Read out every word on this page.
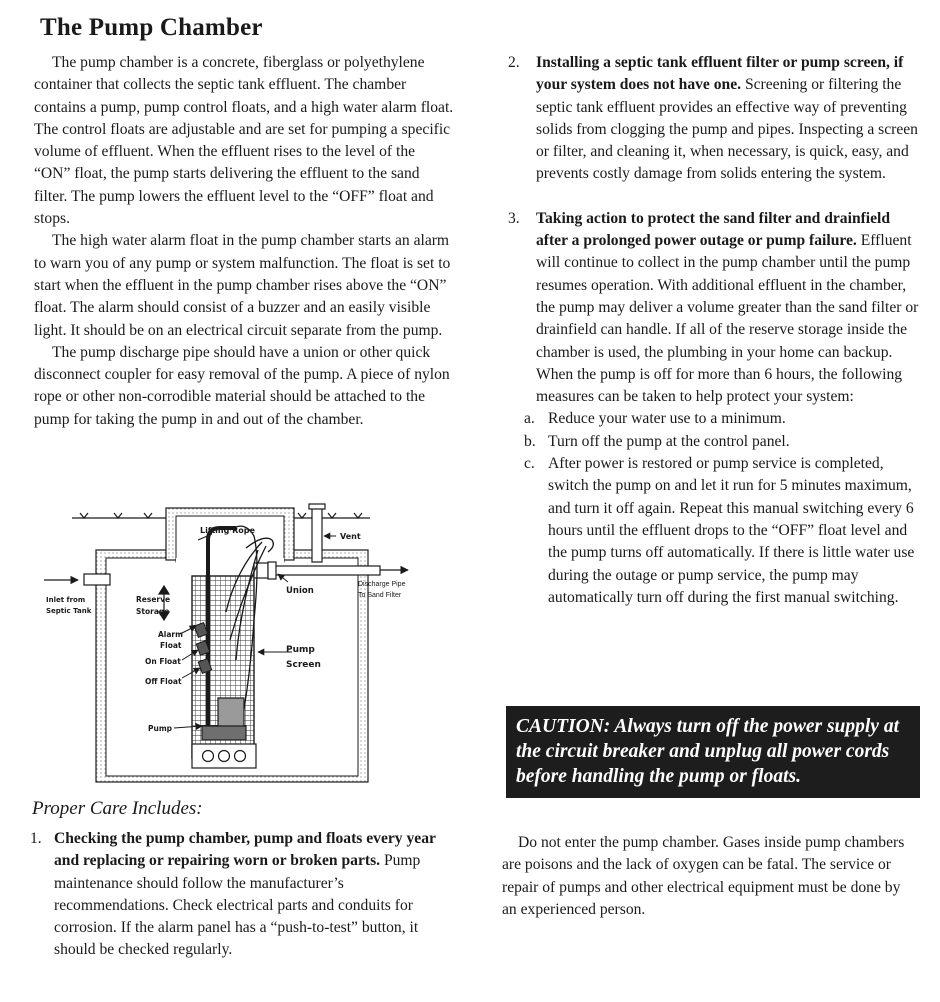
The Pump Chamber

The pump chamber is a concrete, fiberglass or polyethylene container that collects the septic tank effluent. The chamber contains a pump, pump control floats, and a high water alarm float. The control floats are adjustable and are set for pumping a specific volume of effluent. When the effluent rises to the level of the “ON” float, the pump starts delivering the effluent to the sand filter. The pump lowers the effluent level to the “OFF” float and stops.

The high water alarm float in the pump chamber starts an alarm to warn you of any pump or system malfunction. The float is set to start when the effluent in the pump chamber rises above the “ON” float. The alarm should consist of a buzzer and an easily visible light. It should be on an electrical circuit separate from the pump.

The pump discharge pipe should have a union or other quick disconnect coupler for easy removal of the pump. A piece of nylon rope or other non-corrodible material should be attached to the pump for taking the pump in and out of the chamber.

Lifting Rope
Vent
Inlet from
Septic Tank
Reserve
Storage
Union
Discharge Pipe
To Sand Filter
Alarm
Float
On Float
Off Float
Pump
Screen
Pump
Proper Care Includes:
1. Checking the pump chamber, pump and floats every year and replacing or repairing worn or broken parts. Pump maintenance should follow the manufacturer’s recommendations. Check electrical parts and conduits for corrosion. If the alarm panel has a “push-to-test” button, it should be checked regularly.
2. Installing a septic tank effluent filter or pump screen, if your system does not have one. Screening or filtering the septic tank effluent provides an effective way of preventing solids from clogging the pump and pipes. Inspecting a screen or filter, and cleaning it, when necessary, is quick, easy, and prevents costly damage from solids entering the system.
3. Taking action to protect the sand filter and drainfield after a prolonged power outage or pump failure. Effluent will continue to collect in the pump chamber until the pump resumes operation. With additional effluent in the chamber, the pump may deliver a volume greater than the sand filter or drainfield can handle. If all of the reserve storage inside the chamber is used, the plumbing in your home can backup. When the pump is off for more than 6 hours, the following measures can be taken to help protect your system:
a. Reduce your water use to a minimum.
b. Turn off the pump at the control panel.
c. After power is restored or pump service is completed, switch the pump on and let it run for 5 minutes maximum, and turn it off again. Repeat this manual switching every 6 hours until the effluent drops to the “OFF” float level and the pump turns off automatically. If there is little water use during the outage or pump service, the pump may automatically turn off during the first manual switching.
CAUTION: Always turn off the power supply at the circuit breaker and unplug all power cords before handling the pump or floats.
Do not enter the pump chamber. Gases inside pump chambers are poisons and the lack of oxygen can be fatal. The service or repair of pumps and other electrical equipment must be done by an experienced person.
